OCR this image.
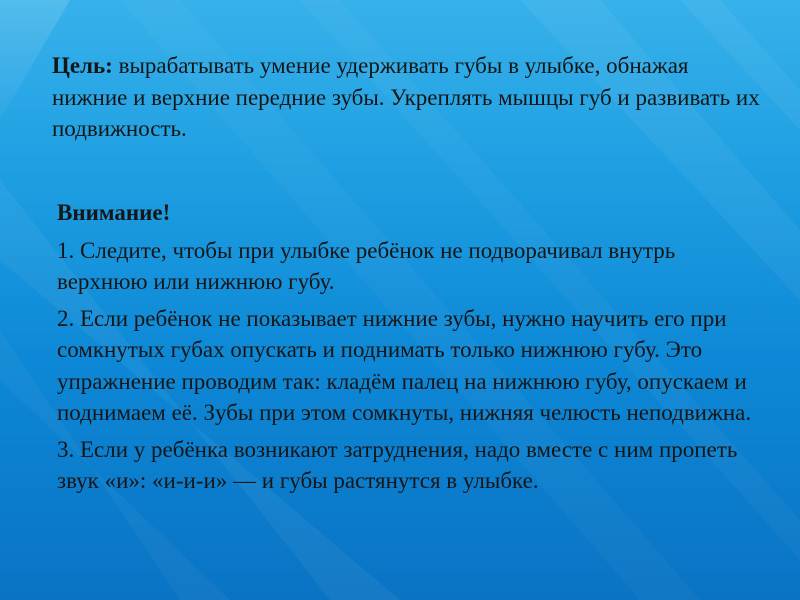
Цель: вырабатывать умение удерживать губы в улыбке, обнажая нижние и верхние передние зубы. Укреплять мышцы губ и развивать их подвижность.
Внимание!
1. Следите, чтобы при улыбке ребёнок не подворачивал внутрь верхнюю или нижнюю губу.
2. Если ребёнок не показывает нижние зубы, нужно научить его при сомкнутых губах опускать и поднимать только нижнюю губу. Это упражнение проводим так: кладём палец на нижнюю губу, опускаем и поднимаем её. Зубы при этом сомкнуты, нижняя челюсть неподвижна.
3. Если у ребёнка возникают затруднения, надо вместе с ним пропеть звук «и»: «и-и-и» — и губы растянутся в улыбке.
